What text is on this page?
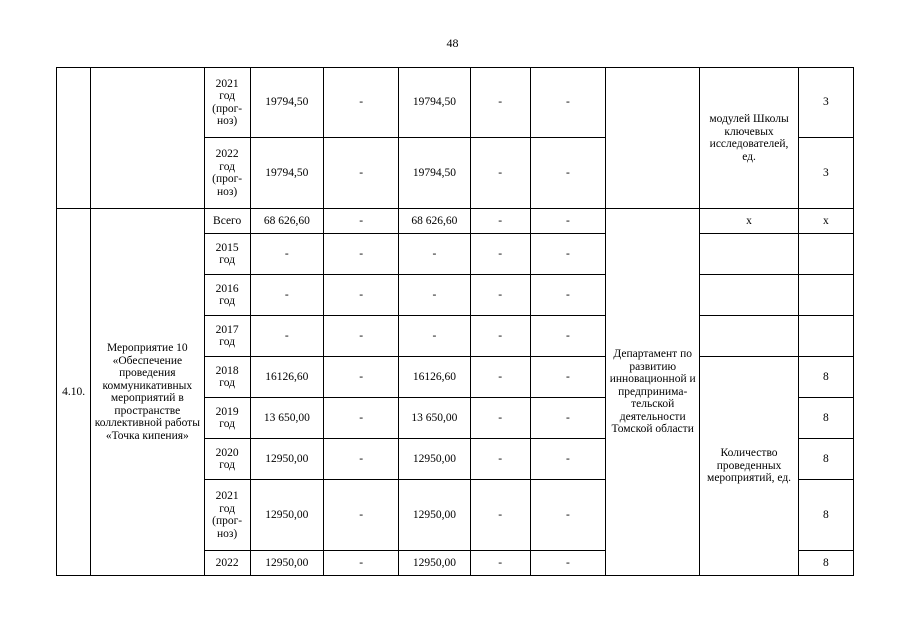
48
		2021
год
(прог-
ноз)	19794,50	-	19794,50	-	-		модулей Школы ключевых исследователей, ед.	3
		2022
год
(прог-
ноз)	19794,50	-	19794,50	-	-			3
4.10.	Мероприятие 10 «Обеспечение проведения коммуникативных мероприятий в пространстве коллективной работы «Точка кипения»	Всего	68 626,60	-	68 626,60	-	-	Департамент по развитию инновационной и предпринима-тельской деятельности Томской области	х	х
		2015
год	-	-	-	-	-			
		2016
год	-	-	-	-	-			
		2017
год	-	-	-	-	-			
		2018
год	16126,60	-	16126,60	-	-		Количество проведенных мероприятий, ед.	8
		2019
год	13 650,00	-	13 650,00	-	-			8
		2020
год	12950,00	-	12950,00	-	-			8
		2021
год
(прог-
ноз)	12950,00	-	12950,00	-	-			8
		2022	12950,00	-	12950,00	-	-			8
